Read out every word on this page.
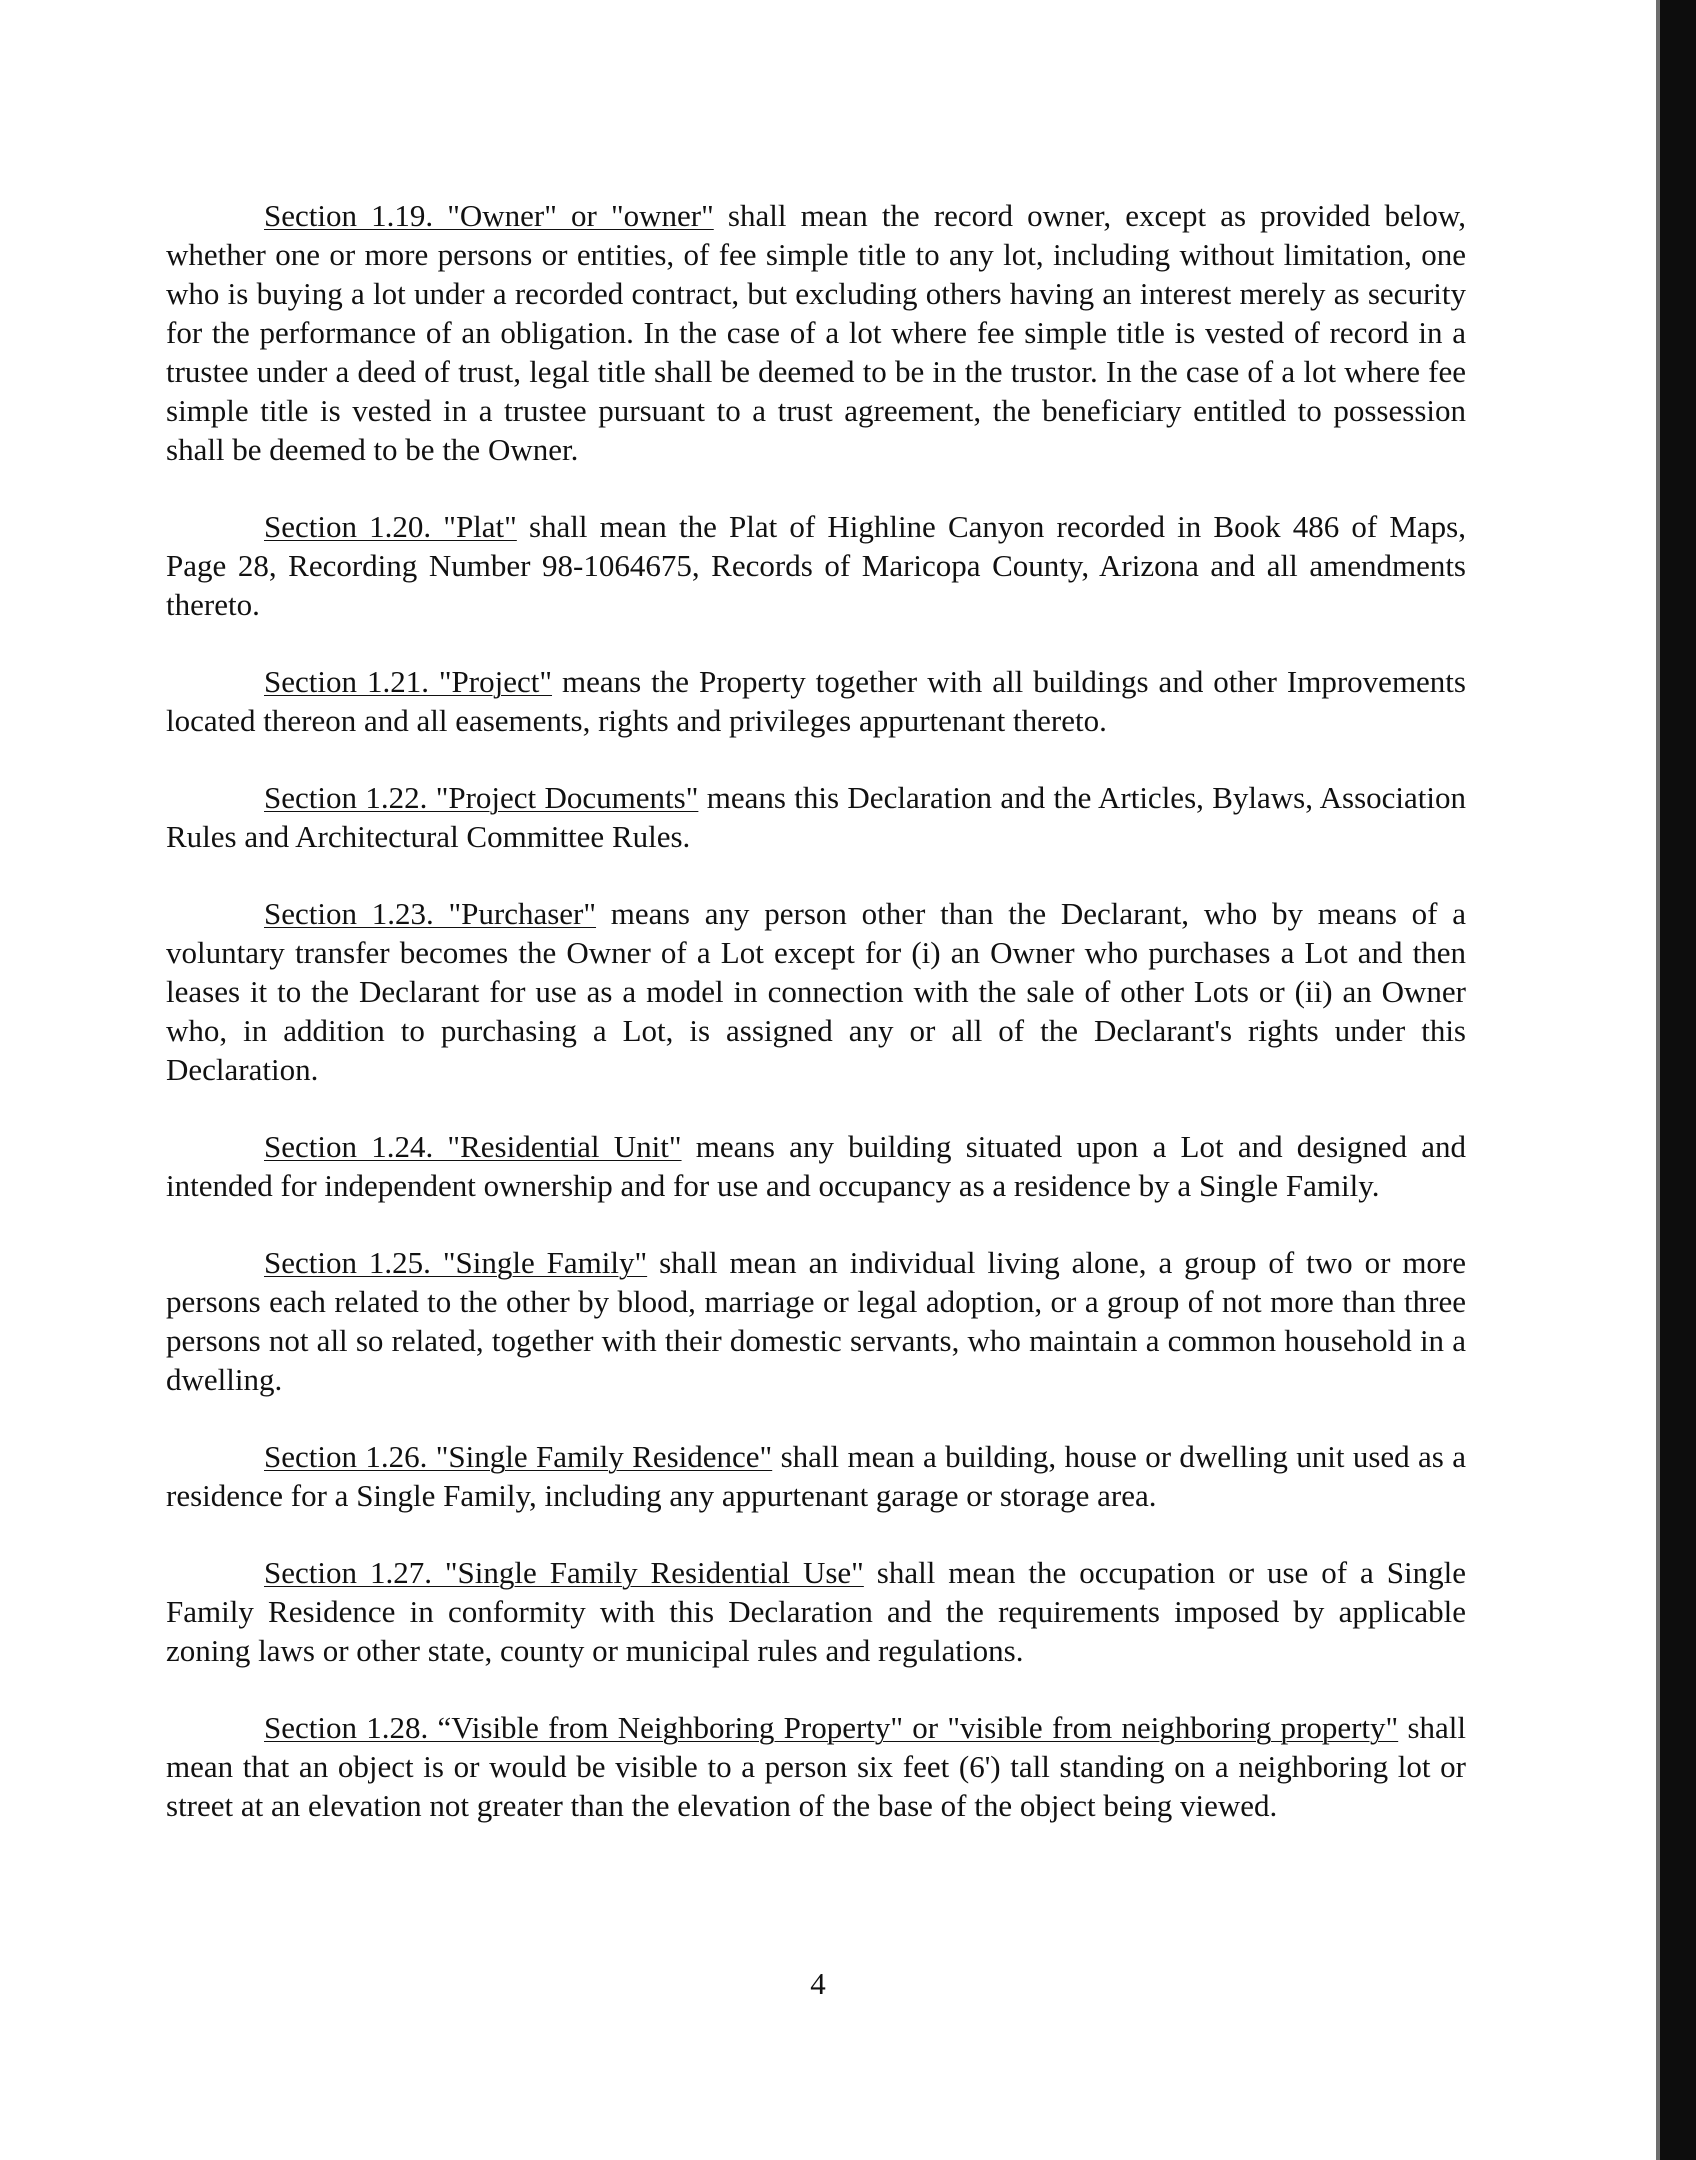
Section 1.19. "Owner" or "owner" shall mean the record owner, except as provided below, whether one or more persons or entities, of fee simple title to any lot, including without limitation, one who is buying a lot under a recorded contract, but excluding others having an interest merely as security for the performance of an obligation. In the case of a lot where fee simple title is vested of record in a trustee under a deed of trust, legal title shall be deemed to be in the trustor. In the case of a lot where fee simple title is vested in a trustee pursuant to a trust agreement, the beneficiary entitled to possession shall be deemed to be the Owner.

Section 1.20. "Plat" shall mean the Plat of Highline Canyon recorded in Book 486 of Maps, Page 28, Recording Number 98-1064675, Records of Maricopa County, Arizona and all amendments thereto.

Section 1.21. "Project" means the Property together with all buildings and other Improvements located thereon and all easements, rights and privileges appurtenant thereto.

Section 1.22. "Project Documents" means this Declaration and the Articles, Bylaws, Association Rules and Architectural Committee Rules.

Section 1.23. "Purchaser" means any person other than the Declarant, who by means of a voluntary transfer becomes the Owner of a Lot except for (i) an Owner who purchases a Lot and then leases it to the Declarant for use as a model in connection with the sale of other Lots or (ii) an Owner who, in addition to purchasing a Lot, is assigned any or all of the Declarant's rights under this Declaration.

Section 1.24. "Residential Unit" means any building situated upon a Lot and designed and intended for independent ownership and for use and occupancy as a residence by a Single Family.

Section 1.25. "Single Family" shall mean an individual living alone, a group of two or more persons each related to the other by blood, marriage or legal adoption, or a group of not more than three persons not all so related, together with their domestic servants, who maintain a common household in a dwelling.

Section 1.26. "Single Family Residence" shall mean a building, house or dwelling unit used as a residence for a Single Family, including any appurtenant garage or storage area.

Section 1.27. "Single Family Residential Use" shall mean the occupation or use of a Single Family Residence in conformity with this Declaration and the requirements imposed by applicable zoning laws or other state, county or municipal rules and regulations.

Section 1.28. “Visible from Neighboring Property" or "visible from neighboring property" shall mean that an object is or would be visible to a person six feet (6') tall standing on a neighboring lot or street at an elevation not greater than the elevation of the base of the object being viewed.

4
